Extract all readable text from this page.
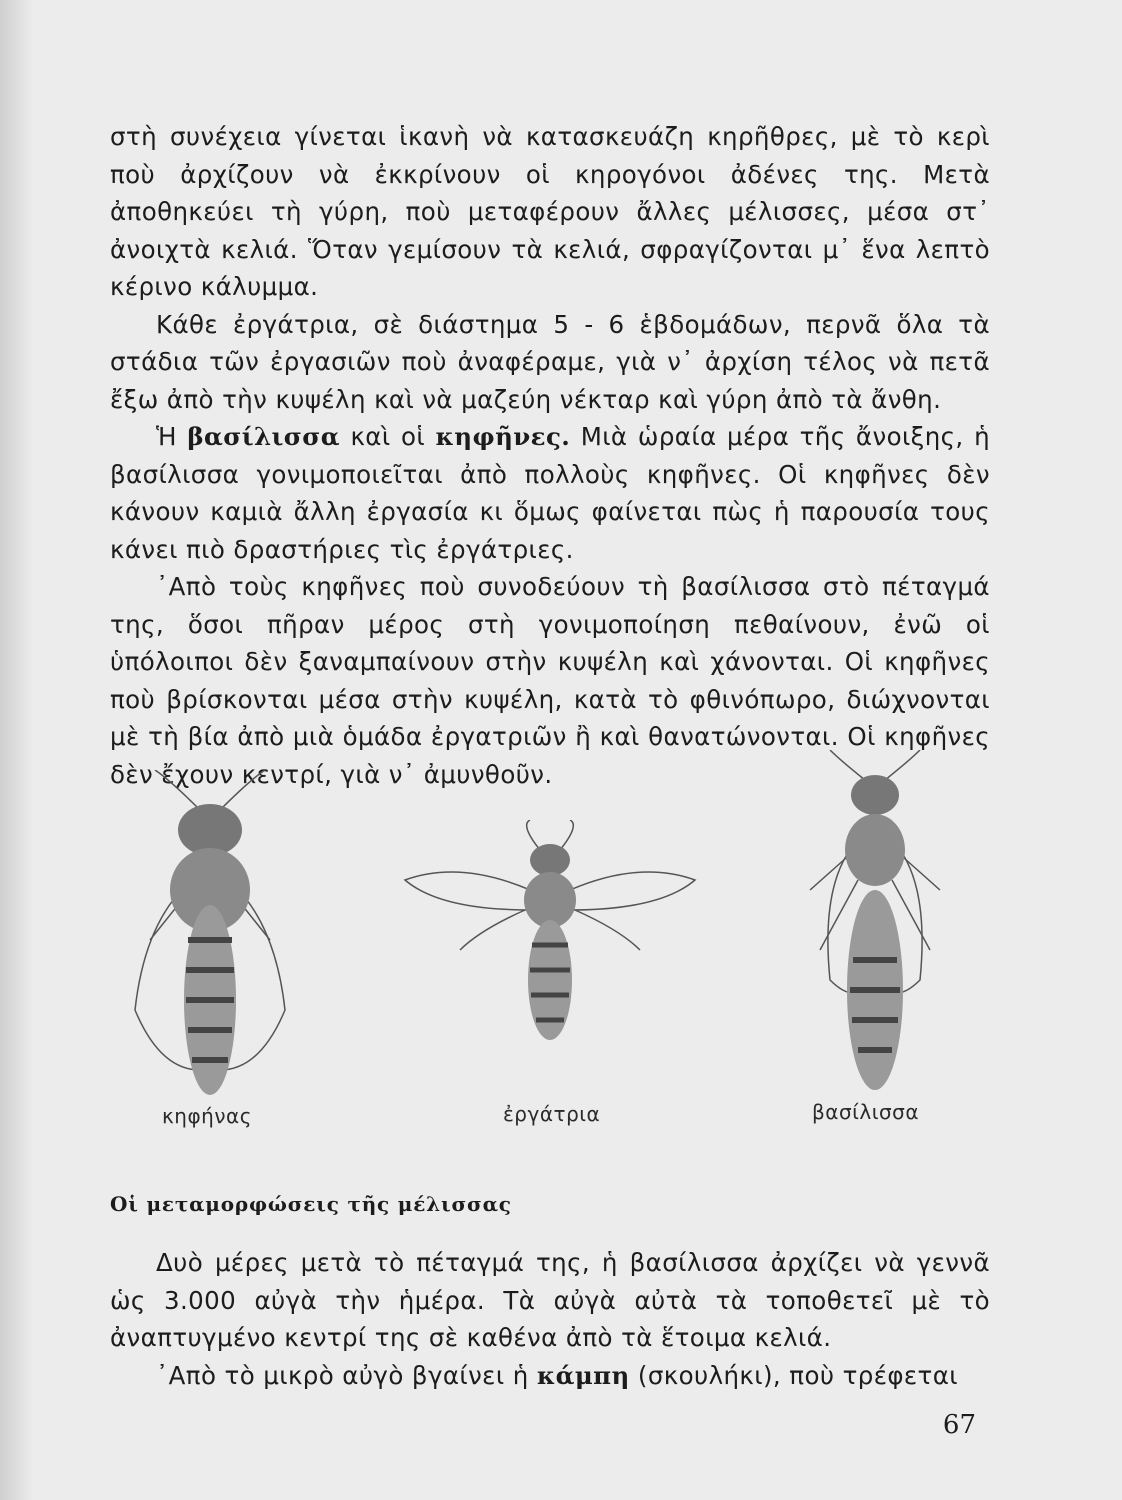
στὴ συνέχεια γίνεται ἱκανὴ νὰ κατασκευάζη κηρῆθρες, μὲ τὸ κερὶ ποὺ ἀρχίζουν νὰ ἐκκρίνουν οἱ κηρογόνοι ἀδένες της. Μετὰ ἀποθηκεύει τὴ γύρη, ποὺ μεταφέρουν ἄλλες μέλισσες, μέσα στ᾿ ἀνοιχτὰ κελιά. Ὅταν γεμίσουν τὰ κελιά, σφραγίζονται μ᾿ ἕνα λεπτὸ κέρινο κάλυμμα.

Κάθε ἐργάτρια, σὲ διάστημα 5 - 6 ἑβδομάδων, περνᾶ ὅλα τὰ στάδια τῶν ἐργασιῶν ποὺ ἀναφέραμε, γιὰ ν᾿ ἀρχίση τέλος νὰ πετᾶ ἔξω ἀπὸ τὴν κυψέλη καὶ νὰ μαζεύη νέκταρ καὶ γύρη ἀπὸ τὰ ἄνθη.

Ἡ βασίλισσα καὶ οἱ κηφῆνες. Μιὰ ὡραία μέρα τῆς ἄνοιξης, ἡ βασίλισσα γονιμοποιεῖται ἀπὸ πολλοὺς κηφῆνες. Οἱ κηφῆνες δὲν κάνουν καμιὰ ἄλλη ἐργασία κι ὅμως φαίνεται πὼς ἡ παρουσία τους κάνει πιὸ δραστήριες τὶς ἐργάτριες.

᾿Απὸ τοὺς κηφῆνες ποὺ συνοδεύουν τὴ βασίλισσα στὸ πέταγμά της, ὅσοι πῆραν μέρος στὴ γονιμοποίηση πεθαίνουν, ἐνῶ οἱ ὑπόλοιποι δὲν ξαναμπαίνουν στὴν κυψέλη καὶ χάνονται. Οἱ κηφῆνες ποὺ βρίσκονται μέσα στὴν κυψέλη, κατὰ τὸ φθινόπωρο, διώχνονται μὲ τὴ βία ἀπὸ μιὰ ὁμάδα ἐργατριῶν ἢ καὶ θανατώνονται. Οἱ κηφῆνες δὲν ἔχουν κεντρί, γιὰ ν᾿ ἀμυνθοῦν.

κηφήνας	ἐργάτρια	βασίλισσα
Οἱ μεταμορφώσεις τῆς μέλισσας

Δυὸ μέρες μετὰ τὸ πέταγμά της, ἡ βασίλισσα ἀρχίζει νὰ γεννᾶ ὡς 3.000 αὐγὰ τὴν ἡμέρα. Τὰ αὐγὰ αὐτὰ τὰ τοποθετεῖ μὲ τὸ ἀναπτυγμένο κεντρί της σὲ καθένα ἀπὸ τὰ ἕτοιμα κελιά.

᾿Απὸ τὸ μικρὸ αὐγὸ βγαίνει ἡ κάμπη (σκουλήκι), ποὺ τρέφεται

67
